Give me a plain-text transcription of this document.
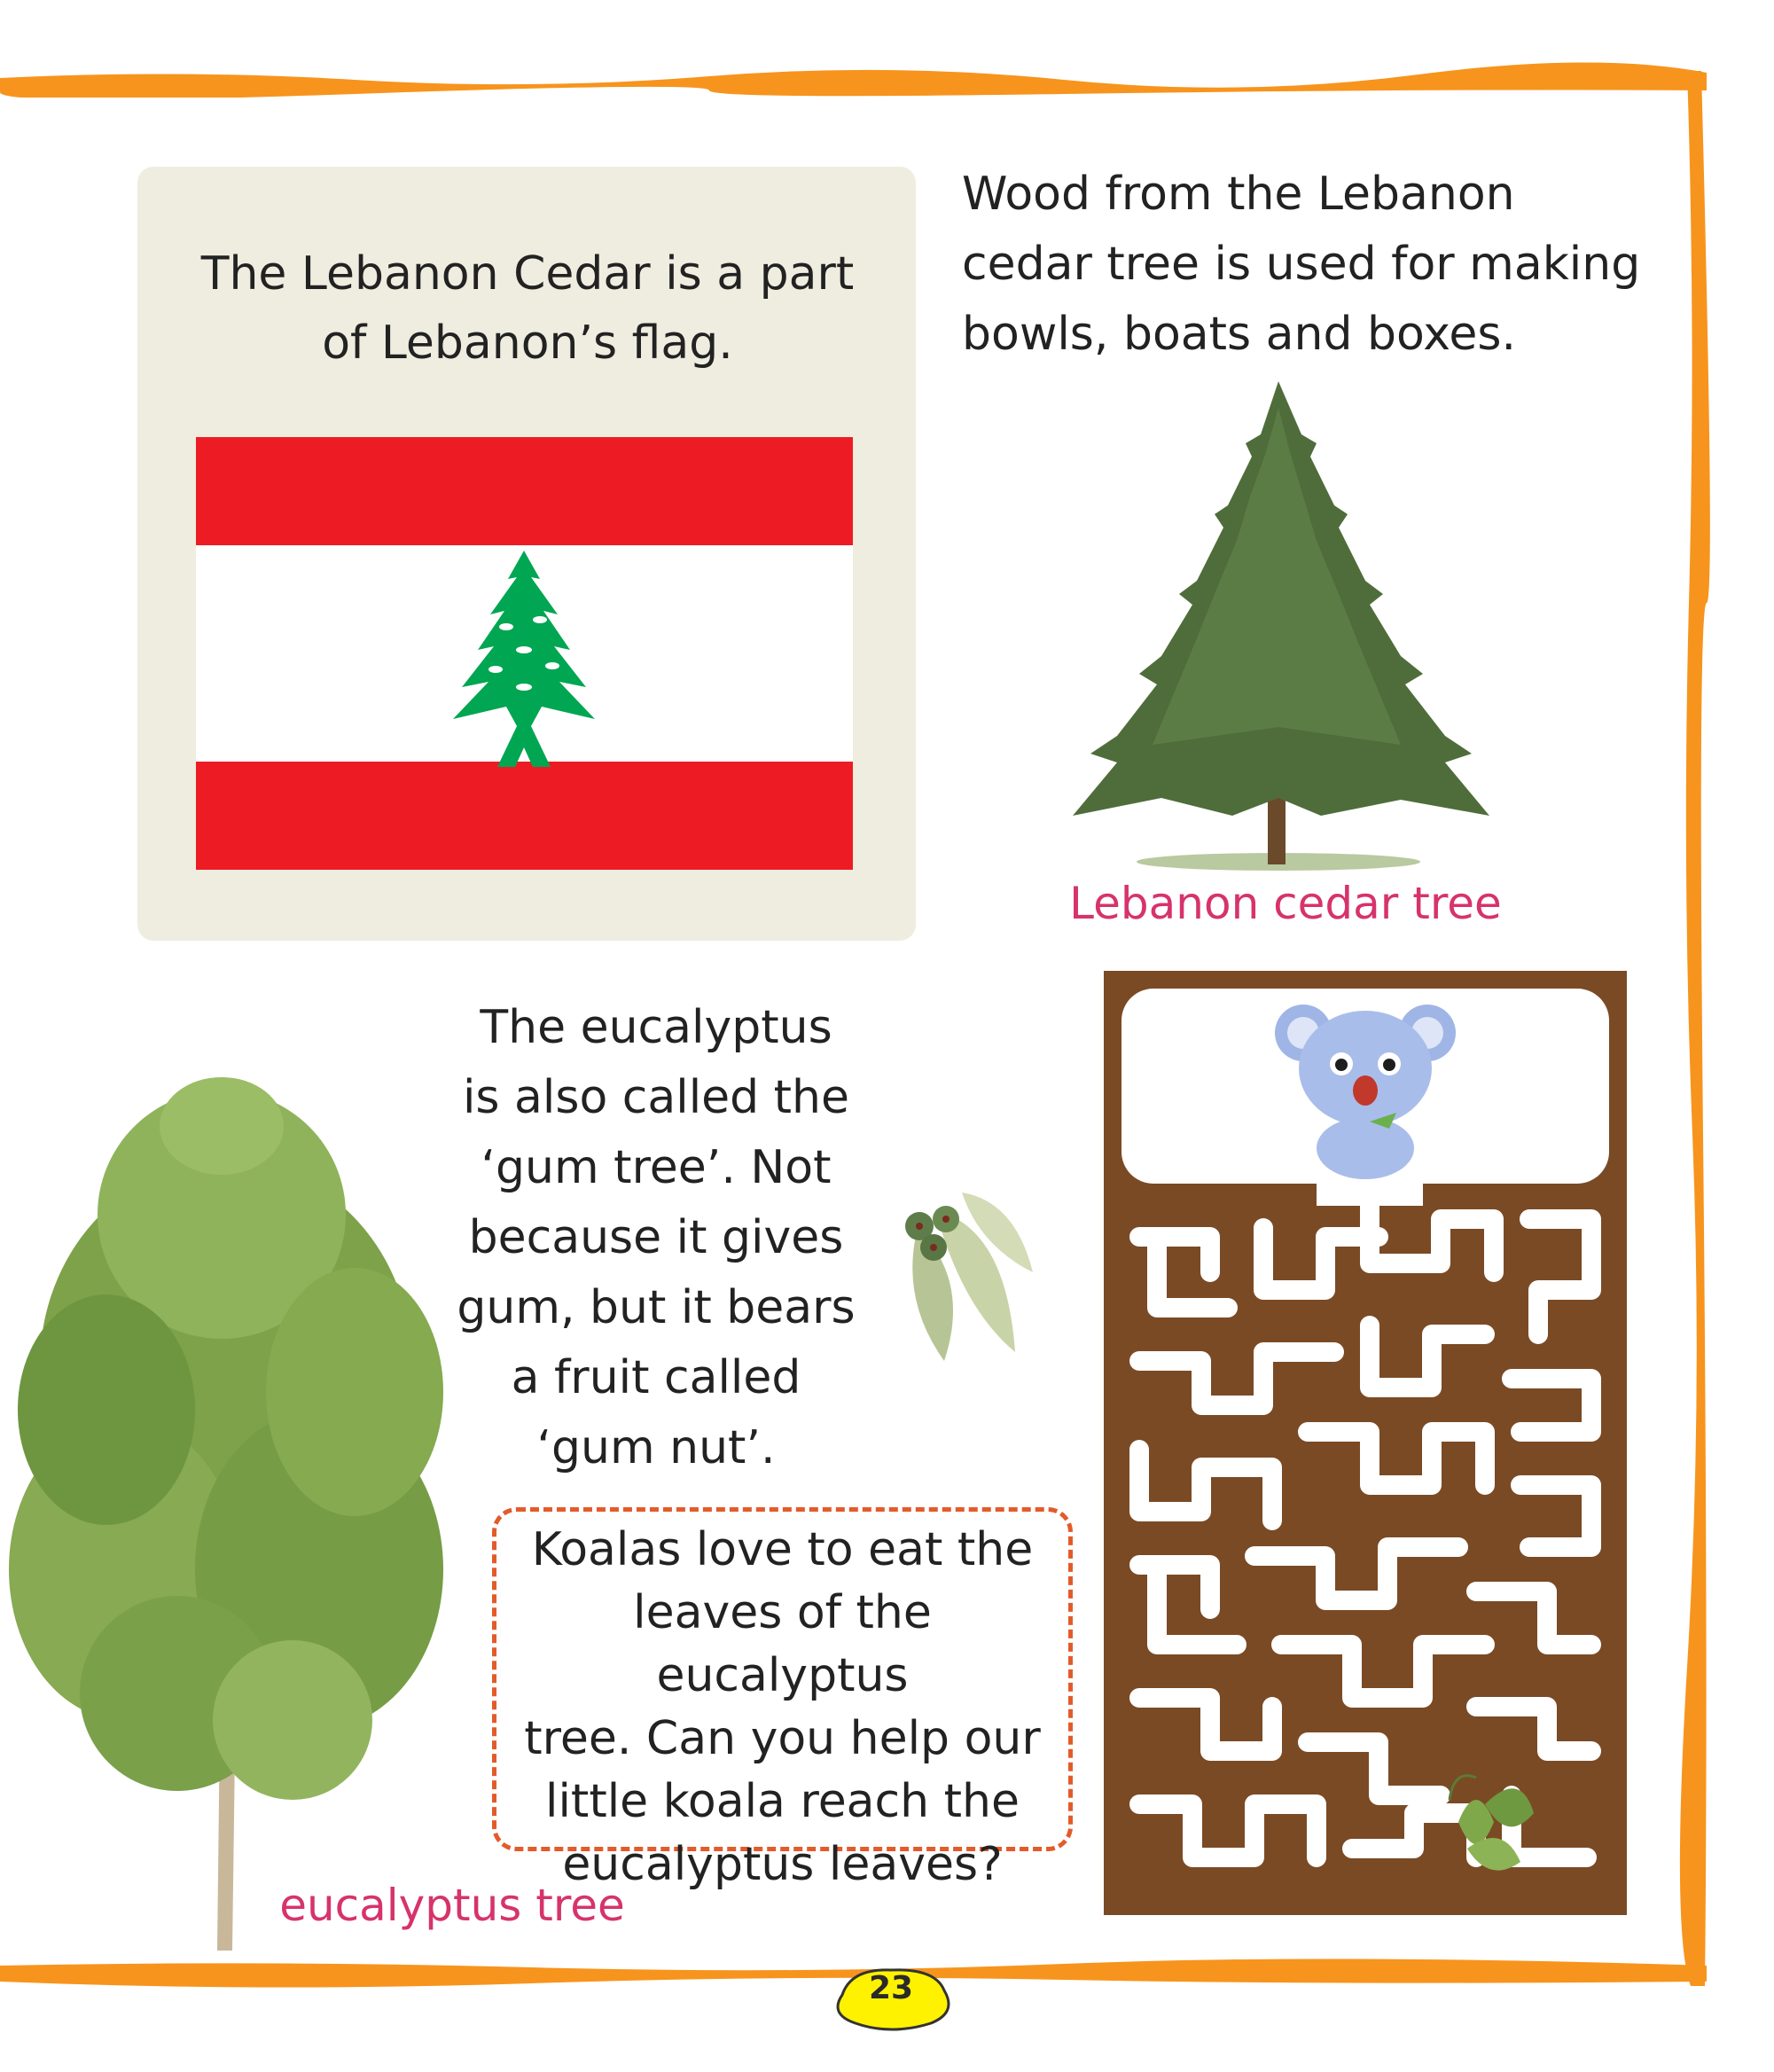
The Lebanon Cedar is a part
of Lebanon’s flag.
Wood from the Lebanon
cedar tree is used for making
bowls, boats and boxes.
Lebanon cedar tree
The eucalyptus
is also called the
‘gum tree’. Not
because it gives
gum, but it bears
a fruit called
‘gum nut’.
eucalyptus tree
Koalas love to eat the
leaves of the eucalyptus
tree. Can you help our
little koala reach the
eucalyptus leaves?
23
